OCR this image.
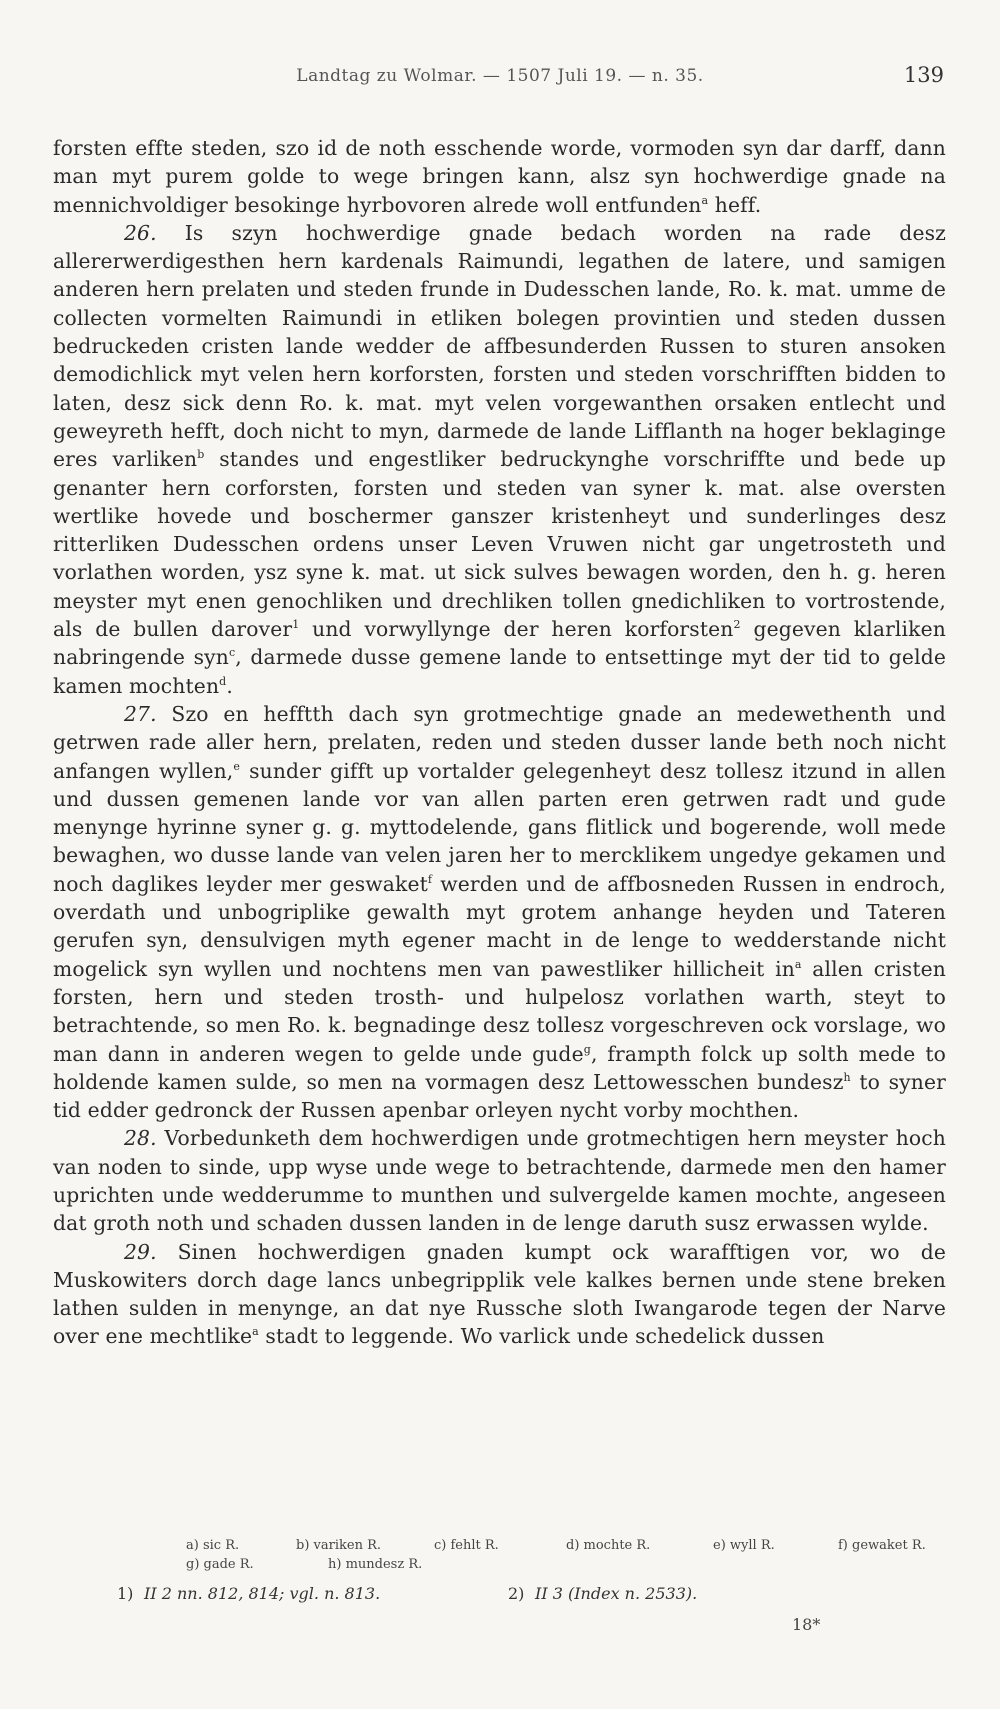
Landtag zu Wolmar. — 1507 Juli 19. — n. 35.	139

forsten effte steden, szo id de noth esschende worde, vormoden syn dar darff, dann man myt purem golde to wege bringen kann, alsz syn hochwerdige gnade na mennichvoldiger besokinge hyrbovoren alrede woll entfunden$^a$ heff.

26. Is szyn hochwerdige gnade bedach worden na rade desz allererwerdigesthen hern kardenals Raimundi, legathen de latere, und samigen anderen hern prelaten und steden frunde in Dudesschen lande, Ro. k. mat. umme de collecten vormelten Raimundi in etliken bolegen provintien und steden dussen bedruckeden cristen lande wedder de affbesunderden Russen to sturen ansoken demodichlick myt velen hern korforsten, forsten und steden vorschrifften bidden to laten, desz sick denn Ro. k. mat. myt velen vorgewanthen orsaken entlecht und geweyreth hefft, doch nicht to myn, darmede de lande Lifflanth na hoger beklaginge eres varliken$^b$ standes und engestliker bedruckynghe vorschriffte und bede up genanter hern corforsten, forsten und steden van syner k. mat. alse oversten wertlike hovede und boschermer ganszer kristenheyt und sunderlinges desz ritterliken Dudesschen ordens unser Leven Vruwen nicht gar ungetrosteth und vorlathen worden, ysz syne k. mat. ut sick sulves bewagen worden, den h. g. heren meyster myt enen genochliken und drechliken tollen gnedichliken to vortrostende, als de bullen darover$^1$ und vorwyllynge der heren korforsten$^2$ gegeven klarliken nabringende syn$^c$, darmede dusse gemene lande to entsettinge myt der tid to gelde kamen mochten$^d$.

27. Szo en hefftth dach syn grotmechtige gnade an medewethenth und getrwen rade aller hern, prelaten, reden und steden dusser lande beth noch nicht anfangen wyllen,$^e$ sunder gifft up vortalder gelegenheyt desz tollesz itzund in allen und dussen gemenen lande vor van allen parten eren getrwen radt und gude menynge hyrinne syner g. g. myttodelende, gans flitlick und bogerende, woll mede bewaghen, wo dusse lande van velen jaren her to mercklikem ungedye gekamen und noch daglikes leyder mer geswaket$^f$ werden und de affbosneden Russen in endroch, overdath und unbogriplike gewalth myt grotem anhange heyden und Tateren gerufen syn, densulvigen myth egener macht in de lenge to wedderstande nicht mogelick syn wyllen und nochtens men van pawestliker hillicheit $in^a$ allen cristen forsten, hern und steden trosth- und hulpelosz vorlathen warth, steyt to betrachtende, so men Ro. k. begnadinge desz tollesz vorgeschreven ock vorslage, wo man dann in anderen wegen to gelde unde gude$^g$, frampth folck up solth mede to holdende kamen sulde, so men na vormagen desz Lettowesschen bundesz$^h$ to syner tid edder gedronck der Russen apenbar orleyen nycht vorby mochthen.

28. Vorbedunketh dem hochwerdigen unde grotmechtigen hern meyster hoch van noden to sinde, upp wyse unde wege to betrachtende, darmede men den hamer uprichten unde wedderumme to munthen und sulvergelde kamen mochte, angeseen dat groth noth und schaden dussen landen in de lenge daruth susz erwassen wylde.

29. Sinen hochwerdigen gnaden kumpt ock warafftigen vor, wo de Muskowiters dorch dage lancs unbegripplik vele kalkes bernen unde stene breken lathen sulden in menynge, an dat nye Russche sloth Iwangarode tegen der Narve over ene mechtlike$^a$ stadt to leggende. Wo varlick unde schedelick dussen

a) sic R.	b) variken R.	c) fehlt R.	d) mochte R.	e) wyll R.	f) gewaket R.
g) gade R.	h) mundesz R.
1) II 2 nn. 812, 814; vgl. n. 813.	2) II 3 (Index n. 2533).
18*
